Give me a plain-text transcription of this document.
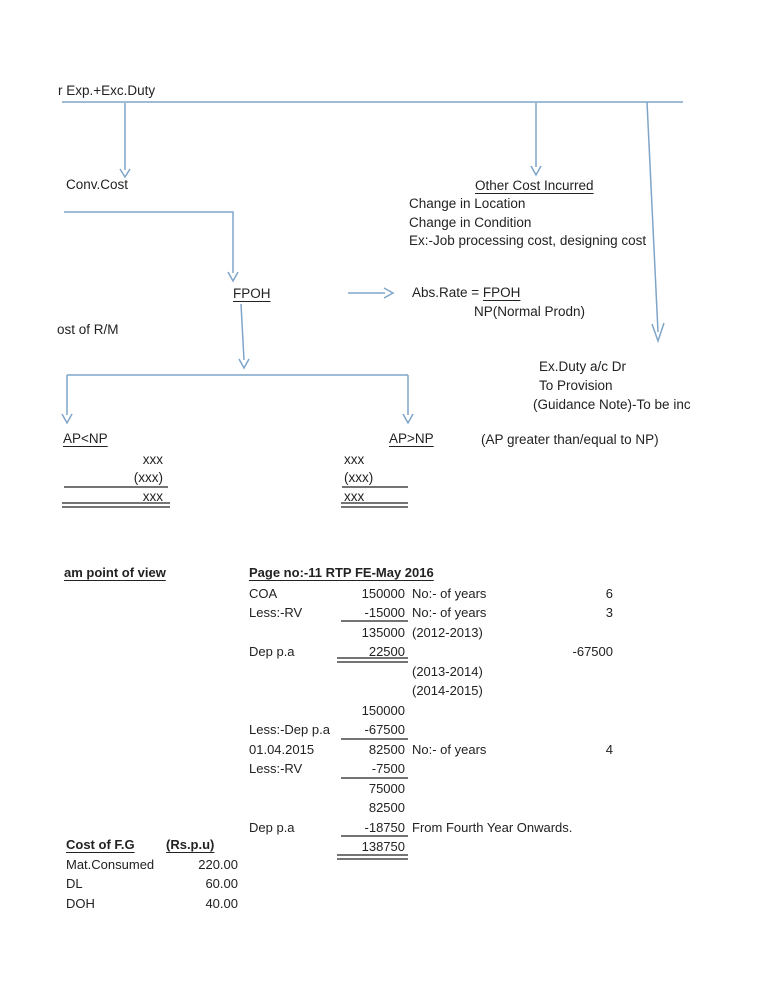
r Exp.+Exc.Duty
Conv.Cost
FPOH
ost of R/M
Abs.Rate = FPOH
NP(Normal Prodn)
Other Cost Incurred
Change in Location
Change in Condition
Ex:-Job processing cost, designing cost
Ex.Duty a/c Dr
To Provision
(Guidance Note)-To be inc
AP<NP	AP>NP	(AP greater than/equal to NP)
xxx
(xxx)
xxx
xxx
(xxx)
xxx
am point of view	Page no:-11 RTP FE-May 2016
COA	150000 No:- of years	6
Less:-RV	-15000 No:- of years	3
135000 (2012-2013)
Dep p.a	22500	-67500
(2013-2014)
(2014-2015)
150000
Less:-Dep p.a	-67500
01.04.2015	82500 No:- of years	4
Less:-RV	-7500
75000
82500
Dep p.a	-18750 From Fourth Year Onwards.
138750
Cost of F.G (Rs.p.u)
Mat.Consumed	220.00
DL	60.00
DOH	40.00
